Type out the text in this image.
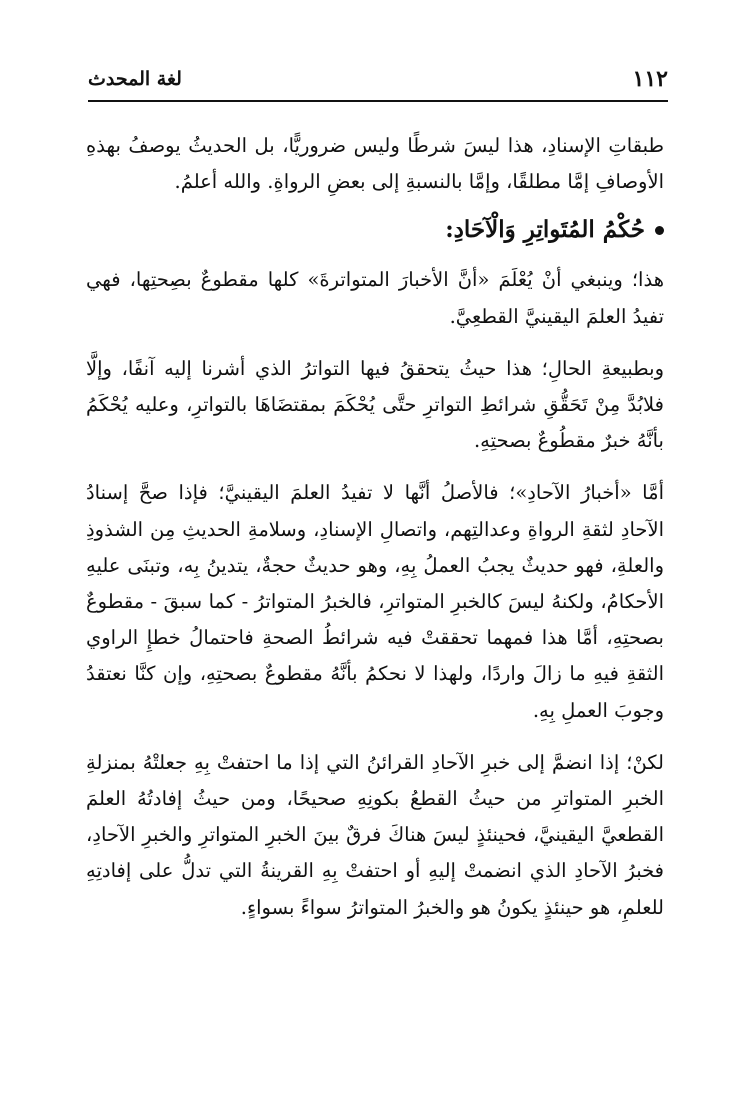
١١٢
لغة المحدث

طبقاتِ الإسنادِ، هذا ليسَ شرطًا وليس ضروريًّا، بل الحديثُ يوصفُ بهذهِ الأوصافِ إمَّا مطلقًا، وإمَّا بالنسبةِ إلى بعضِ الرواةِ. والله أعلمُ.

حُكْمُ المُتَواتِرِ وَالْآحَادِ:

هذا؛ وينبغي أنْ يُعْلَمَ «أنَّ الأخبارَ المتواترةَ» كلها مقطوعٌ بصِحتِها، فهي تفيدُ العلمَ اليقينيَّ القطعِيَّ.

وبطبيعةِ الحالِ؛ هذا حيثُ يتحققُ فيها التواترُ الذي أشرنا إليه آنفًا، وإلَّا فلابُدَّ مِنْ تَحَقُّقِ شرائطِ التواترِ حتَّى يُحْكَمَ بمقتضَاهَا بالتواترِ، وعليه يُحْكَمُ بأنَّهُ خبرٌ مقطُوعٌ بصحتِهِ.

أمَّا «أخبارُ الآحادِ»؛ فالأصلُ أنَّها لا تفيدُ العلمَ اليقينيَّ؛ فإذا صحَّ إسنادُ الآحادِ لثقةِ الرواةِ وعدالتِهم، واتصالِ الإسنادِ، وسلامةِ الحديثِ مِن الشذوذِ والعلةِ، فهو حديثٌ يجبُ العملُ بِهِ، وهو حديثٌ حجةٌ، يتدينُ بِه، وتبنَى عليهِ الأحكامُ، ولكنهُ ليسَ كالخبرِ المتواترِ، فالخبرُ المتواترُ - كما سبقَ - مقطوعٌ بصحتِهِ، أمَّا هذا فمهما تحققتْ فيه شرائطُ الصحةِ فاحتمالُ خطإِ الراوي الثقةِ فيهِ ما زالَ واردًا، ولهذا لا نحكمُ بأنَّهُ مقطوعٌ بصحتِهِ، وإن كنَّا نعتقدُ وجوبَ العملِ بِهِ.

لكنْ؛ إذا انضمَّ إلى خبرِ الآحادِ القرائنُ التي إذا ما احتفتْ بِهِ جعلتْهُ بمنزلةِ الخبرِ المتواترِ من حيثُ القطعُ بكونِهِ صحيحًا، ومن حيثُ إفادتُهُ العلمَ القطعيَّ اليقينيَّ، فحينئذٍ ليسَ هناكَ فرقٌ بينَ الخبرِ المتواترِ والخبرِ الآحادِ، فخبرُ الآحادِ الذي انضمتْ إليهِ أو احتفتْ بِهِ القرينةُ التي تدلُّ على إفادتِهِ للعلمِ، هو حينئذٍ يكونُ هو والخبرُ المتواترُ سواءً بسواءٍ.
